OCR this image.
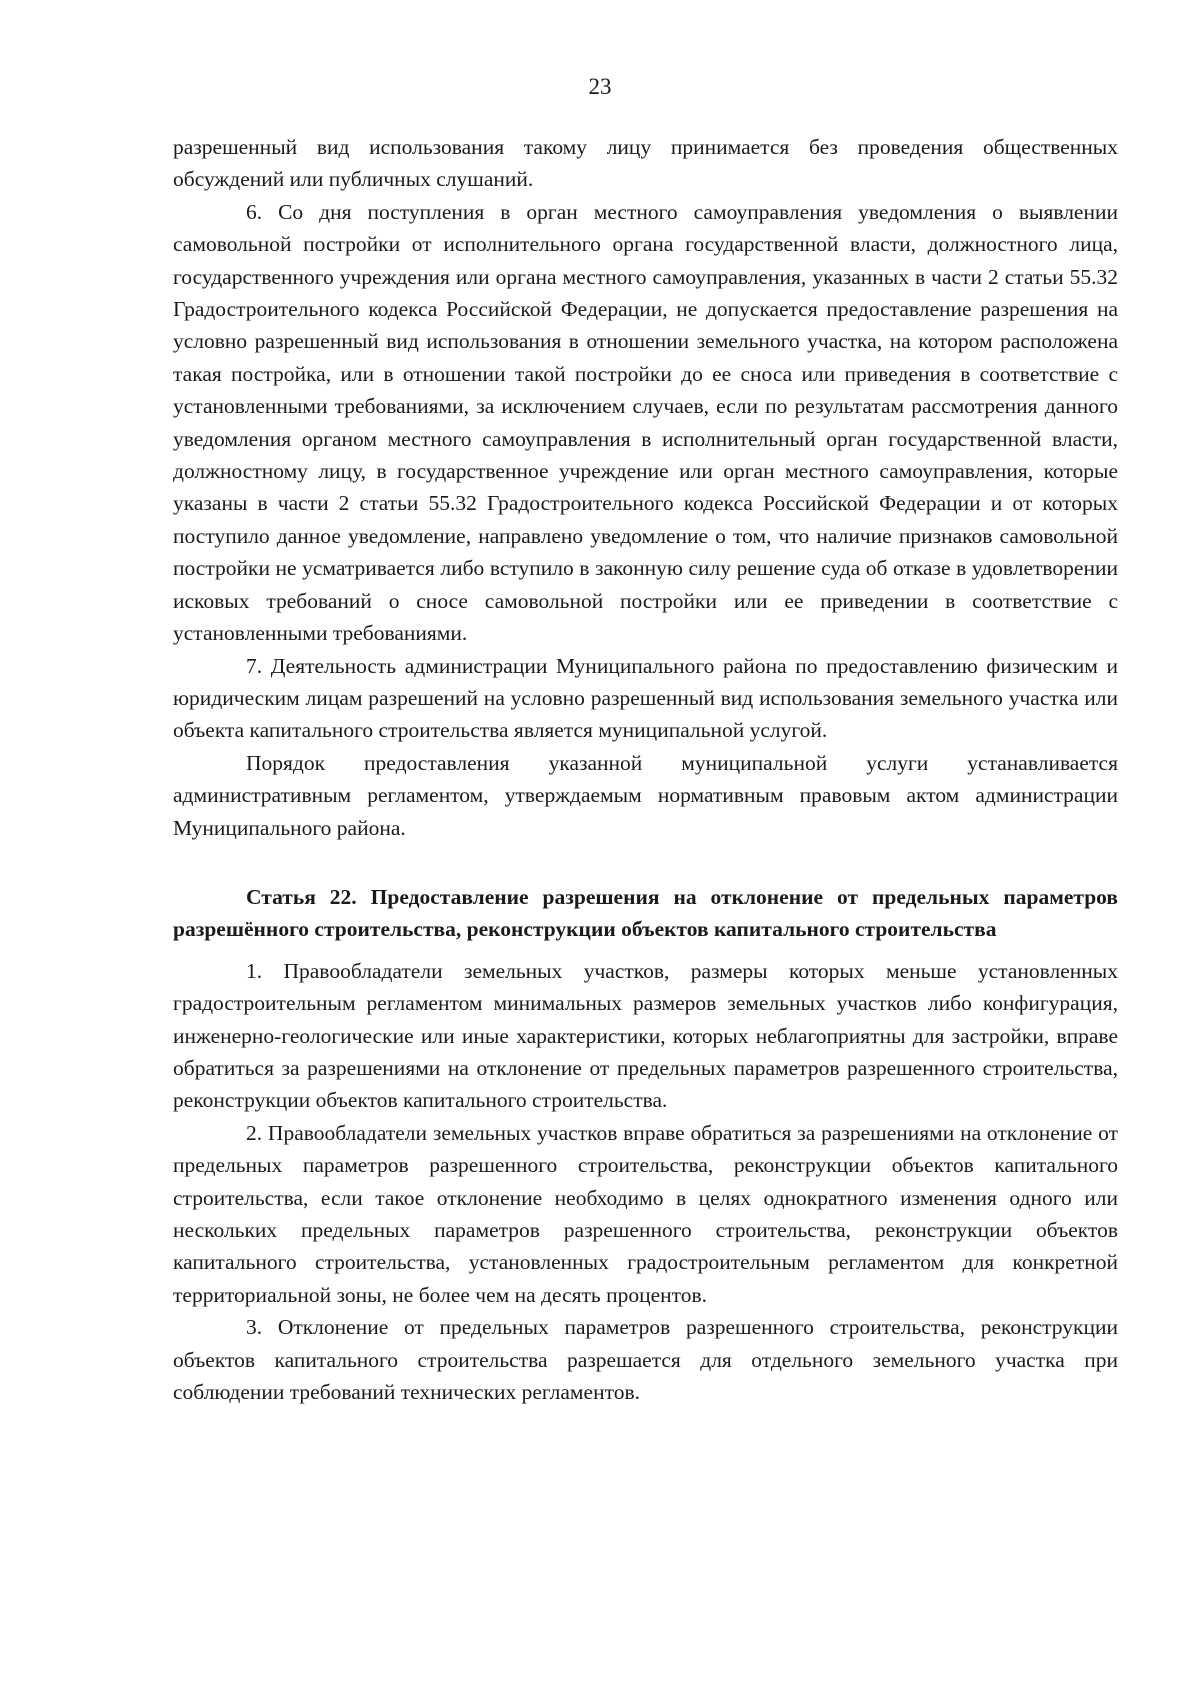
23

разрешенный вид использования такому лицу принимается без проведения общественных обсуждений или публичных слушаний.

6. Со дня поступления в орган местного самоуправления уведомления о выявлении самовольной постройки от исполнительного органа государственной власти, должностного лица, государственного учреждения или органа местного самоуправления, указанных в части 2 статьи 55.32 Градостроительного кодекса Российской Федерации, не допускается предоставление разрешения на условно разрешенный вид использования в отношении земельного участка, на котором расположена такая постройка, или в отношении такой постройки до ее сноса или приведения в соответствие с установленными требованиями, за исключением случаев, если по результатам рассмотрения данного уведомления органом местного самоуправления в исполнительный орган государственной власти, должностному лицу, в государственное учреждение или орган местного самоуправления, которые указаны в части 2 статьи 55.32 Градостроительного кодекса Российской Федерации и от которых поступило данное уведомление, направлено уведомление о том, что наличие признаков самовольной постройки не усматривается либо вступило в законную силу решение суда об отказе в удовлетворении исковых требований о сносе самовольной постройки или ее приведении в соответствие с установленными требованиями.

7. Деятельность администрации Муниципального района по предоставлению физическим и юридическим лицам разрешений на условно разрешенный вид использования земельного участка или объекта капитального строительства является муниципальной услугой.

Порядок предоставления указанной муниципальной услуги устанавливается административным регламентом, утверждаемым нормативным правовым актом администрации Муниципального района.

Статья 22. Предоставление разрешения на отклонение от предельных параметров разрешённого строительства, реконструкции объектов капитального строительства

1. Правообладатели земельных участков, размеры которых меньше установленных градостроительным регламентом минимальных размеров земельных участков либо конфигурация, инженерно-геологические или иные характеристики, которых неблагоприятны для застройки, вправе обратиться за разрешениями на отклонение от предельных параметров разрешенного строительства, реконструкции объектов капитального строительства.

2. Правообладатели земельных участков вправе обратиться за разрешениями на отклонение от предельных параметров разрешенного строительства, реконструкции объектов капитального строительства, если такое отклонение необходимо в целях однократного изменения одного или нескольких предельных параметров разрешенного строительства, реконструкции объектов капитального строительства, установленных градостроительным регламентом для конкретной территориальной зоны, не более чем на десять процентов.

3. Отклонение от предельных параметров разрешенного строительства, реконструкции объектов капитального строительства разрешается для отдельного земельного участка при соблюдении требований технических регламентов.
